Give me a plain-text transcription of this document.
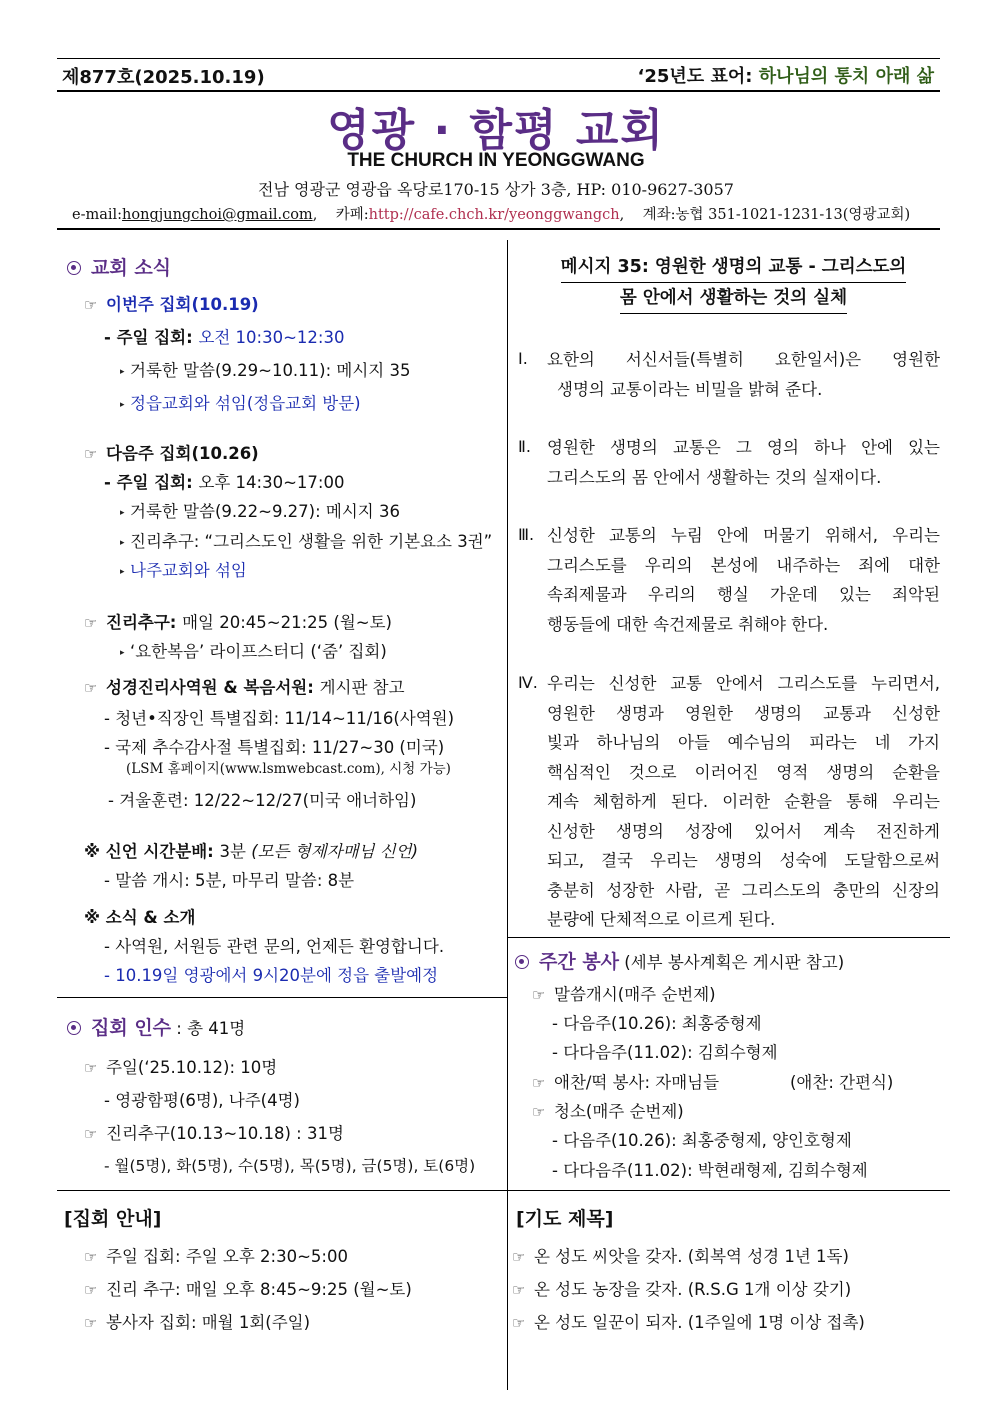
제877호(2025.10.19)	‘25년도 표어: 하나님의 통치 아래 삶
영광 · 함평 교회
THE CHURCH IN YEONGGWANG
전남 영광군 영광읍 옥당로170-15 상가 3층, HP: 010-9627-3057
e-mail:hongjungchoi@gmail.com,    카페:http://cafe.chch.kr/yeonggwangch,    계좌:농협 351-1021-1231-13(영광교회)
교회 소식
☞ 이번주 집회(10.19)
- 주일 집회: 오전 10:30~12:30
▸ 거룩한 말씀(9.29~10.11): 메시지 35
▸ 정읍교회와 섞임(정읍교회 방문)
☞ 다음주 집회(10.26)
- 주일 집회: 오후 14:30~17:00
▸ 거룩한 말씀(9.22~9.27): 메시지 36
▸ 진리추구: “그리스도인 생활을 위한 기본요소 3권”
▸ 나주교회와 섞임
☞ 진리추구: 매일 20:45~21:25 (월~토)
▸ ‘요한복음’ 라이프스터디 (‘줌’ 집회)
☞ 성경진리사역원 & 복음서원: 게시판 참고
- 청년•직장인 특별집회: 11/14~11/16(사역원)
- 국제 추수감사절 특별집회: 11/27~30 (미국)
(LSM 홈페이지(www.lsmwebcast.com), 시청 가능)
- 겨울훈련: 12/22~12/27(미국 애너하임)
※ 신언 시간분배: 3분 (모든 형제자매님 신언)
- 말씀 개시: 5분, 마무리 말씀: 8분
※ 소식 & 소개
- 사역원, 서원등 관련 문의, 언제든 환영합니다.
- 10.19일 영광에서 9시20분에 정읍 출발예정
집회 인수 : 총 41명
☞ 주일(‘25.10.12): 10명
- 영광함평(6명), 나주(4명)
☞ 진리추구(10.13~10.18) : 31명
- 월(5명), 화(5명), 수(5명), 목(5명), 금(5명), 토(6명)
메시지 35: 영원한 생명의 교통 - 그리스도의
몸 안에서 생활하는 것의 실체
Ⅰ. 요한의 서신서들(특별히 요한일서)은 영원한
생명의 교통이라는 비밀을 밝혀 준다.
Ⅱ. 영원한 생명의 교통은 그 영의 하나 안에 있는
그리스도의 몸 안에서 생활하는 것의 실재이다.
Ⅲ. 신성한 교통의 누림 안에 머물기 위해서, 우리는
그리스도를 우리의 본성에 내주하는 죄에 대한
속죄제물과 우리의 행실 가운데 있는 죄악된
행동들에 대한 속건제물로 취해야 한다.
Ⅳ. 우리는 신성한 교통 안에서 그리스도를 누리면서,
영원한 생명과 영원한 생명의 교통과 신성한
빛과 하나님의 아들 예수님의 피라는 네 가지
핵심적인 것으로 이러어진 영적 생명의 순환을
계속 체험하게 된다. 이러한 순환을 통해 우리는
신성한 생명의 성장에 있어서 계속 전진하게
되고, 결국 우리는 생명의 성숙에 도달함으로써
충분히 성장한 사람, 곧 그리스도의 충만의 신장의
분량에 단체적으로 이르게 된다.
주간 봉사 (세부 봉사계획은 게시판 참고)
☞ 말씀개시(매주 순번제)
- 다음주(10.26): 최홍중형제
- 다다음주(11.02): 김희수형제
☞ 애찬/떡 봉사: 자매님들	(애찬: 간편식)
☞ 청소(매주 순번제)
- 다음주(10.26): 최홍중형제, 양인호형제
- 다다음주(11.02): 박현래형제, 김희수형제
[집회 안내]
☞ 주일 집회: 주일 오후 2:30~5:00
☞ 진리 추구: 매일 오후 8:45~9:25 (월~토)
☞ 봉사자 집회: 매월 1회(주일)
[기도 제목]
☞ 온 성도 씨앗을 갖자. (회복역 성경 1년 1독)
☞ 온 성도 농장을 갖자. (R.S.G 1개 이상 갖기)
☞ 온 성도 일꾼이 되자. (1주일에 1명 이상 접촉)
